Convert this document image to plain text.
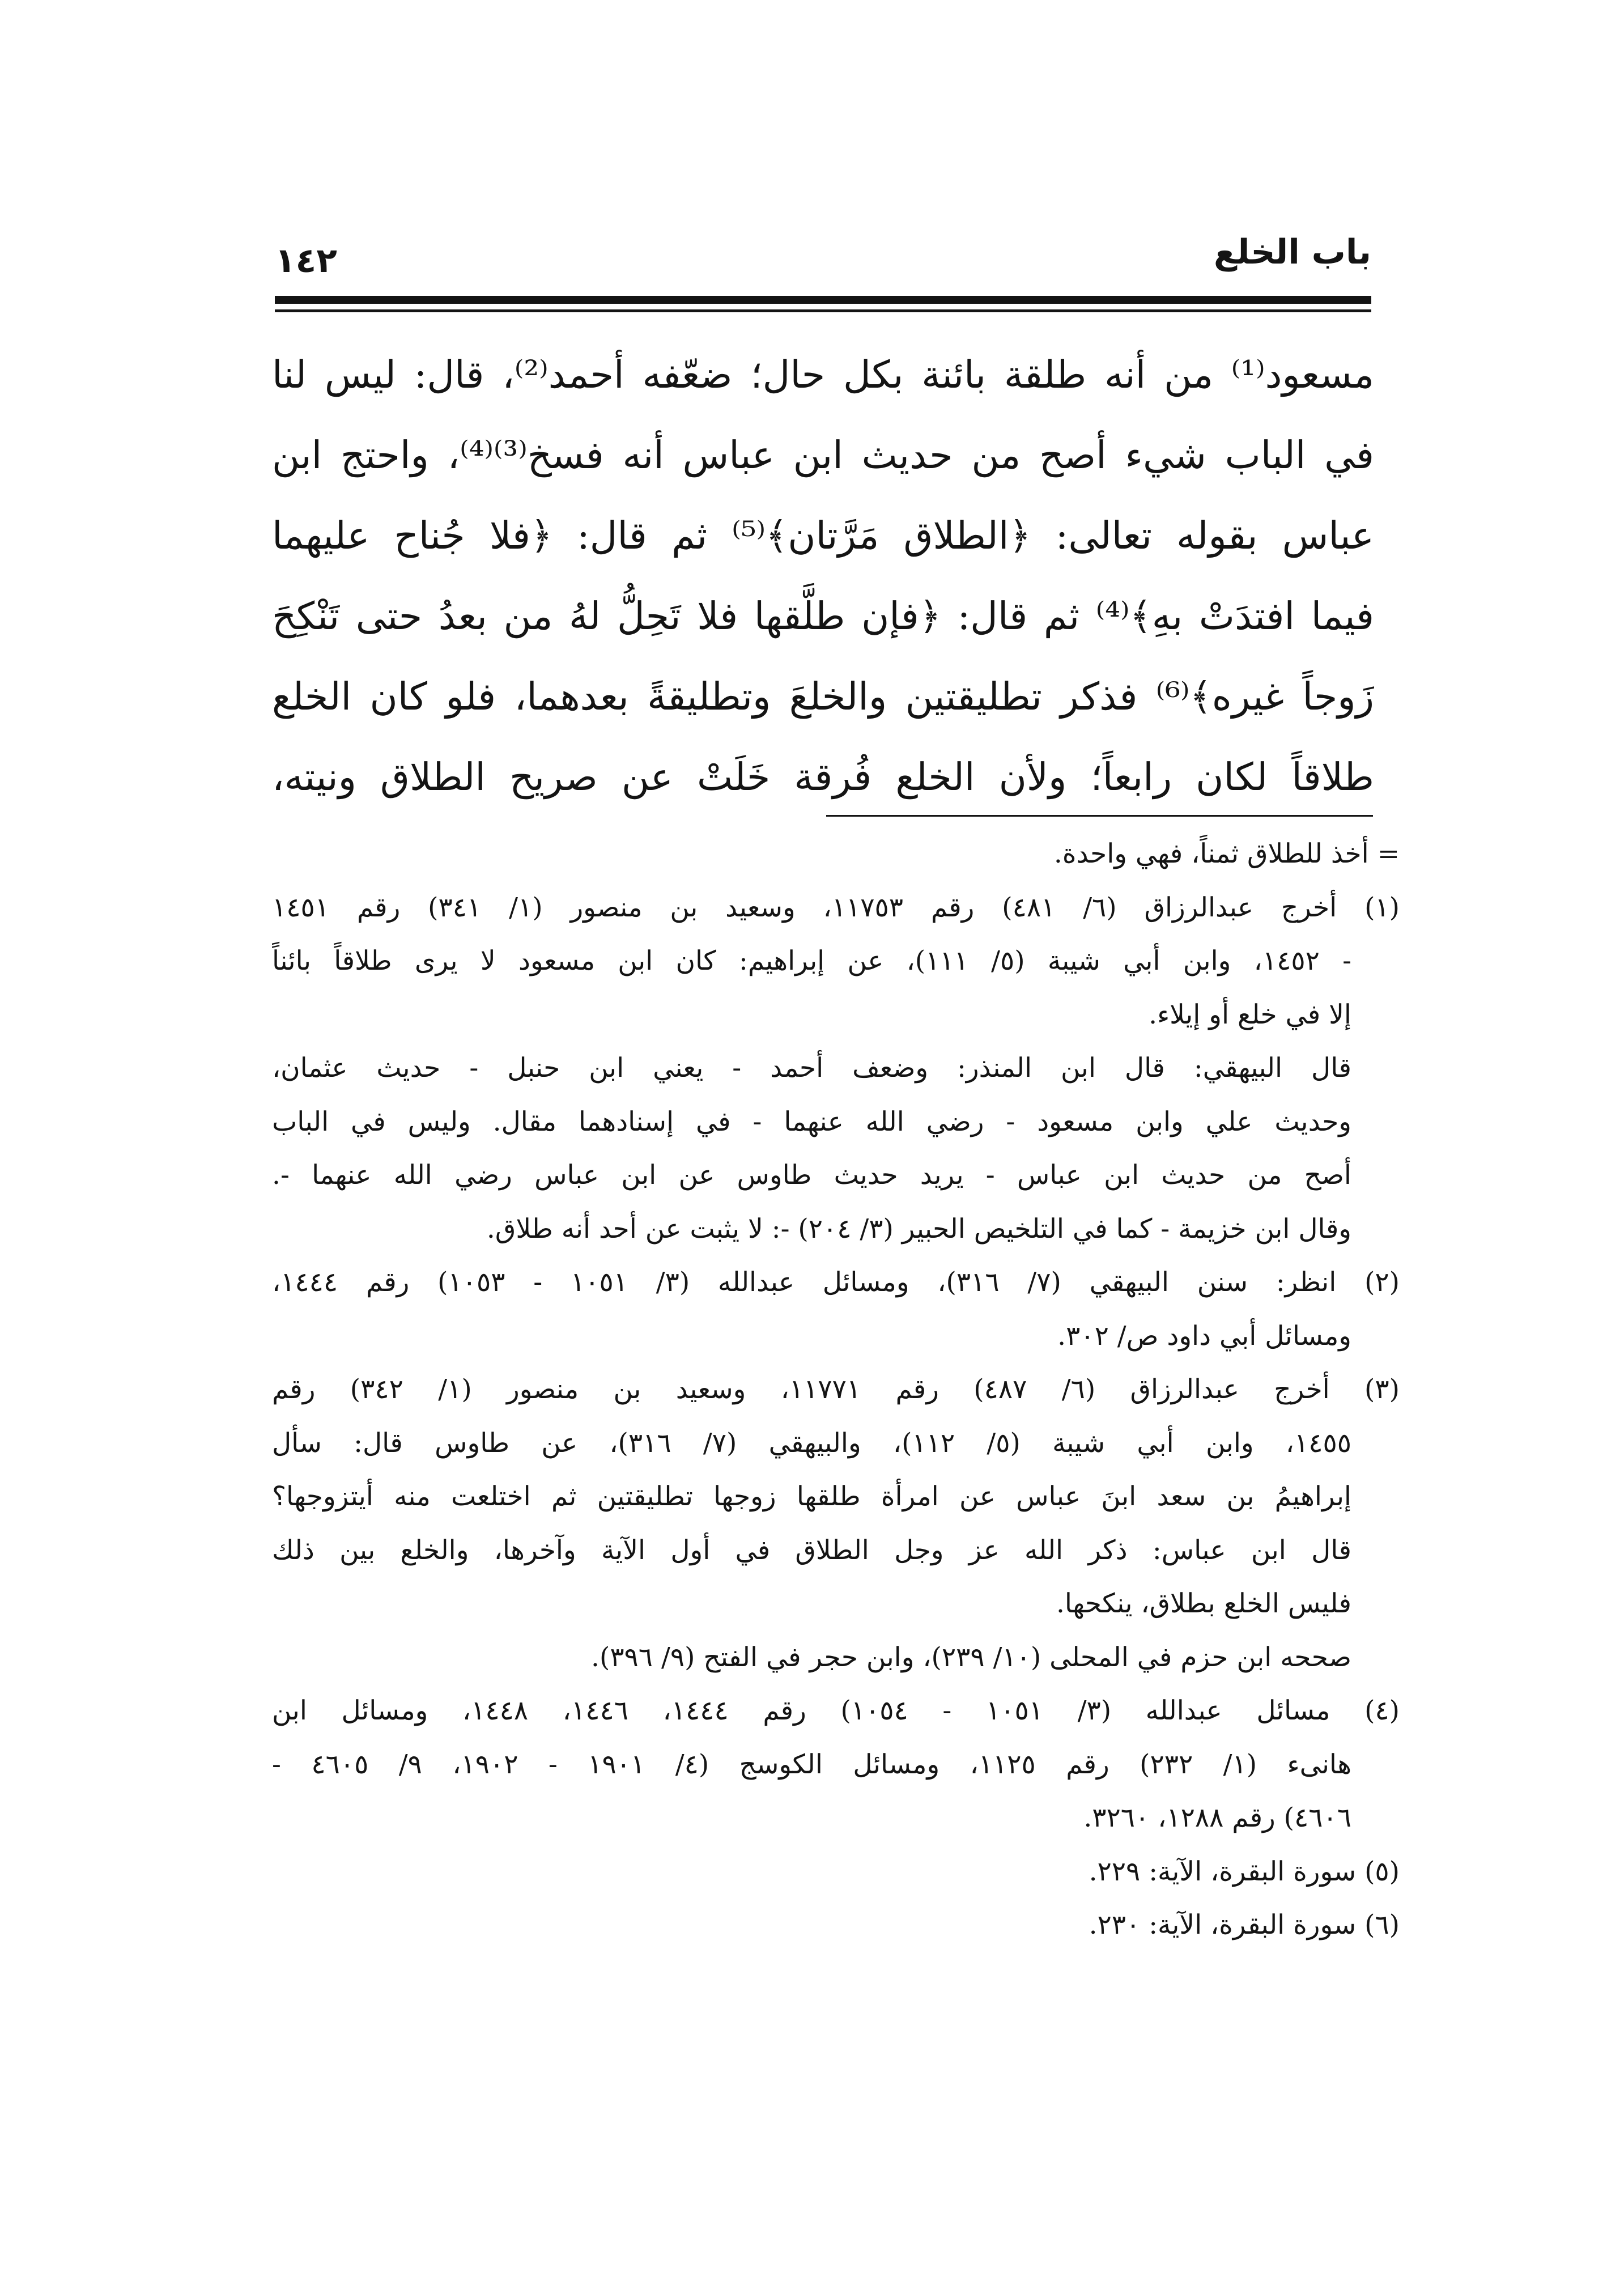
باب الخلع
١٤٢
مسعود⁽¹⁾ من أنه طلقة بائنة بكل حال؛ ضعّفه أحمد⁽²⁾، قال: ليس لنا
في الباب شيء أصح من حديث ابن عباس أنه فسخ⁽³⁾⁽⁴⁾، واحتج ابن
عباس بقوله تعالى: ﴿الطلاق مَرَّتان﴾⁽⁵⁾ ثم قال: ﴿فلا جُناح عليهما
فيما افتدَتْ بهِ﴾⁽⁴⁾ ثم قال: ﴿فإن طلَّقها فلا تَحِلُّ لهُ من بعدُ حتى تَنْكِحَ
زَوجاً غيره﴾⁽⁶⁾ فذكر تطليقتين والخلعَ وتطليقةً بعدهما، فلو كان الخلع
طلاقاً لكان رابعاً؛ ولأن الخلع فُرقة خَلَتْ عن صريح الطلاق ونيته،
= أخذ للطلاق ثمناً، فهي واحدة.
(١) أخرج عبدالرزاق (٦/ ٤٨١) رقم ١١٧٥٣، وسعيد بن منصور (١/ ٣٤١) رقم ١٤٥١
- ١٤٥٢، وابن أبي شيبة (٥/ ١١١)، عن إبراهيم: كان ابن مسعود لا يرى طلاقاً بائناً
إلا في خلع أو إيلاء.
قال البيهقي: قال ابن المنذر: وضعف أحمد - يعني ابن حنبل - حديث عثمان،
وحديث علي وابن مسعود - رضي الله عنهما - في إسنادهما مقال. وليس في الباب
أصح من حديث ابن عباس - يريد حديث طاوس عن ابن عباس رضي الله عنهما -.
وقال ابن خزيمة - كما في التلخيص الحبير (٣/ ٢٠٤) -: لا يثبت عن أحد أنه طلاق.
(٢) انظر: سنن البيهقي (٧/ ٣١٦)، ومسائل عبدالله (٣/ ١٠٥١ - ١٠٥٣) رقم ١٤٤٤،
ومسائل أبي داود ص/ ٣٠٢.
(٣) أخرج عبدالرزاق (٦/ ٤٨٧) رقم ١١٧٧١، وسعيد بن منصور (١/ ٣٤٢) رقم
١٤٥٥، وابن أبي شيبة (٥/ ١١٢)، والبيهقي (٧/ ٣١٦)، عن طاوس قال: سأل
إبراهيمُ بن سعد ابنَ عباس عن امرأة طلقها زوجها تطليقتين ثم اختلعت منه أيتزوجها؟
قال ابن عباس: ذكر الله عز وجل الطلاق في أول الآية وآخرها، والخلع بين ذلك
فليس الخلع بطلاق، ينكحها.
صححه ابن حزم في المحلى (١٠/ ٢٣٩)، وابن حجر في الفتح (٩/ ٣٩٦).
(٤) مسائل عبدالله (٣/ ١٠٥١ - ١٠٥٤) رقم ١٤٤٤، ١٤٤٦، ١٤٤٨، ومسائل ابن
هانىء (١/ ٢٣٢) رقم ١١٢٥، ومسائل الكوسج (٤/ ١٩٠١ - ١٩٠٢، ٩/ ٤٦٠٥ -
٤٦٠٦) رقم ١٢٨٨، ٣٢٦٠.
(٥) سورة البقرة، الآية: ٢٢٩.
(٦) سورة البقرة، الآية: ٢٣٠.
